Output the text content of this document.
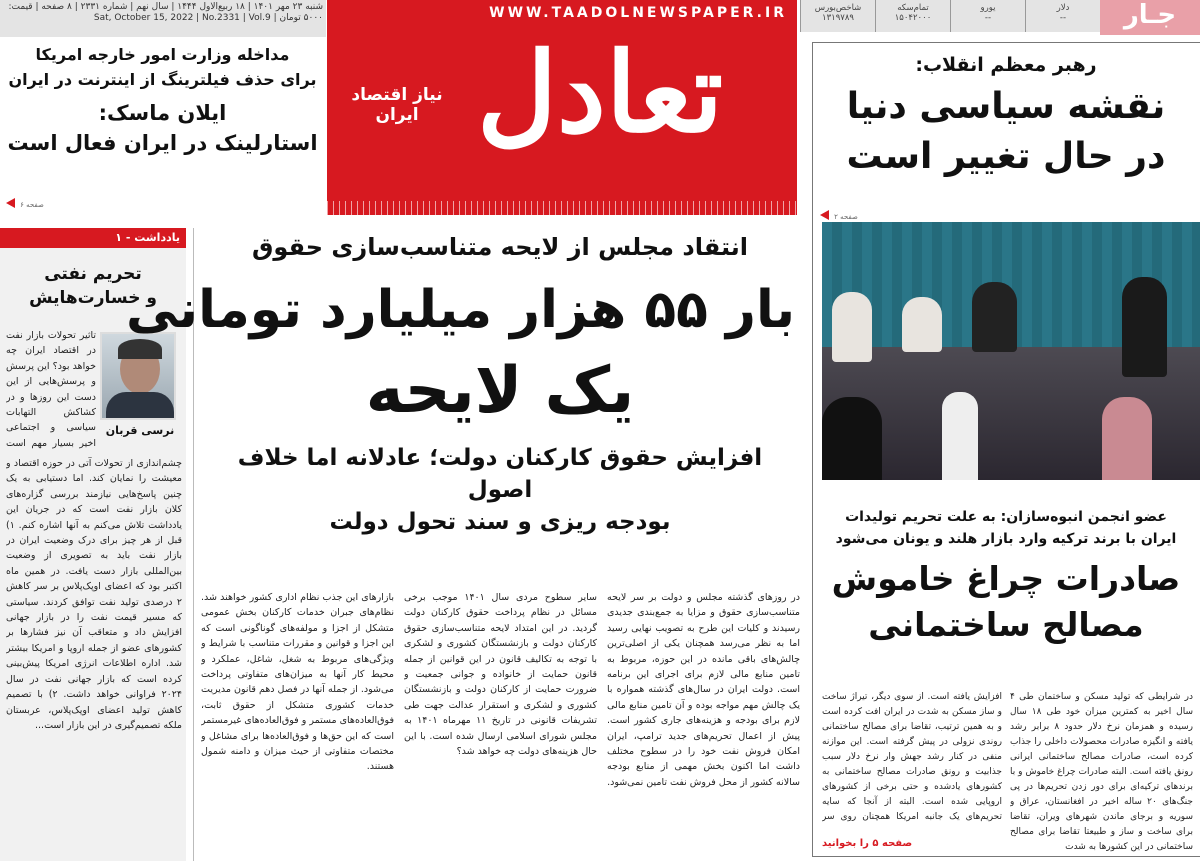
شنبه ۲۳ مهر ۱۴۰۱ | ۱۸ ربیع‌الاول ۱۴۴۴ | سال نهم | شماره ۲۳۳۱ | ۸ صفحه | قیمت: ۵۰۰۰ تومان | Sat, October 15, 2022 | No.2331 | Vol.9	WWW.TAADOLNEWSPAPER.IR
تعادل
نیاز اقتصاد ایران
مداخله وزارت امور خارجه امریکا
برای حذف فیلترینگ از اینترنت در ایران
ایلان ماسک:
استارلینک در ایران فعال است
صفحه ۶
دلار
--
یورو
--
تمام‌سکه
۱۵۰۴۲۰۰۰
شاخص‌بورس
۱۳۱۹۷۸۹	جـار
رهبر معظم انقلاب:
نقشه سیاسی دنیا
در حال تغییر است
صفحه ۲
عضو انجمن انبوه‌سازان: به علت تحریم تولیدات
ایران با برند ترکیه وارد بازار هلند و یونان می‌شود
صادرات چراغ خاموش
مصالح ساختمانی
در شرایطی که تولید مسکن و ساختمان طی ۴ سال اخیر به کمترین میزان خود طی ۱۸ سال رسیده و همزمان نرخ دلار حدود ۸ برابر رشد یافته و انگیزه صادرات محصولات داخلی را جذاب کرده است، صادرات مصالح ساختمانی ایرانی رونق یافته است. البته صادرات چراغ خاموش و با برندهای ترکیه‌ای برای دور زدن تحریم‌ها در پی جنگ‌های ۲۰ ساله اخیر در افغانستان، عراق و سوریه و برجای ماندن شهرهای ویران، تقاضا برای ساخت و ساز و طبیعتا تقاضا برای مصالح ساختمانی در این کشورها به شدت
افزایش یافته است. از سوی دیگر، تیراژ ساخت و ساز مسکن به شدت در ایران افت کرده است و به همین ترتیب، تقاضا برای مصالح ساختمانی روندی نزولی در پیش گرفته است. این موازنه منفی در کنار رشد جهش وار نرخ دلار سبب جذابیت و رونق صادرات مصالح ساختمانی به کشورهای یادشده و حتی برخی از کشورهای اروپایی شده است. البته از آنجا که سایه تحریم‌های یک جانبه امریکا همچنان روی سر
صفحه ۵ را بخوانید
یادداشت - ۱
تحریم نفتی
و خسارت‌هایش
نرسی قربان
تاثیر تحولات بازار نفت در اقتصاد ایران چه خواهد بود؟ این پرسش و پرسش‌هایی از این دست این روزها و در کشاکش التهابات سیاسی و اجتماعی اخیر بسیار مهم است
چشم‌اندازی از تحولات آتی در حوزه اقتصاد و معیشت را نمایان کند. اما دستیابی به یک چنین پاسخ‌هایی نیازمند بررسی گزاره‌های کلان بازار نفت است که در جریان این یادداشت تلاش می‌کنم به آنها اشاره کنم. ۱) قبل از هر چیز برای درک وضعیت ایران در بازار نفت باید به تصویری از وضعیت بین‌المللی بازار دست یافت. در همین ماه اکتبر بود که اعضای اوپک‌پلاس بر سر کاهش ۲ درصدی تولید نفت توافق کردند. سیاستی که مسیر قیمت نفت را در بازار جهانی افزایش داد و متعاقب آن نیز فشارها بر کشورهای عضو از جمله اروپا و امریکا بیشتر شد. اداره اطلاعات انرژی امریکا پیش‌بینی کرده است که بازار جهانی نفت در سال ۲۰۲۴ فراوانی خواهد داشت. ۲) با تصمیم کاهش تولید اعضای اوپک‌پلاس، عربستان ملکه تصمیم‌گیری در این بازار است...
انتقاد مجلس از لایحه متناسب‌سازی حقوق
بار ۵۵ هزار میلیارد تومانی
یک لایحه
افزایش حقوق کارکنان دولت؛ عادلانه اما خلاف اصول
بودجه ریزی و سند تحول دولت
در روزهای گذشته مجلس و دولت بر سر لایحه متناسب‌سازی حقوق و مزایا به جمع‌بندی جدیدی رسیدند و کلیات این طرح به تصویب نهایی رسید اما به نظر می‌رسد همچنان یکی از اصلی‌ترین چالش‌های باقی مانده در این حوزه، مربوط به تامین منابع مالی لازم برای اجرای این برنامه است. دولت ایران در سال‌های گذشته همواره با یک چالش مهم مواجه بوده و آن تامین منابع مالی لازم برای بودجه و هزینه‌های جاری کشور است. پیش از اعمال تحریم‌های جدید ترامپ، ایران امکان فروش نفت خود را در سطوح مختلف داشت اما اکنون بخش مهمی از منابع بودجه سالانه کشور از محل فروش نفت تامین نمی‌شود.
سایر سطوح مردی سال ۱۴۰۱ موجب برخی مسائل در نظام پرداخت حقوق کارکنان دولت گردید. در این امتداد لایحه متناسب‌سازی حقوق کارکنان دولت و بازنشستگان کشوری و لشکری با توجه به تکالیف قانون در این قوانین از جمله قانون حمایت از خانواده و جوانی جمعیت و ضرورت حمایت از کارکنان دولت و بازنشستگان کشوری و لشکری و استقرار عدالت جهت طی تشریفات قانونی در تاریخ ۱۱ مهرماه ۱۴۰۱ به مجلس شورای اسلامی ارسال شده است. با این حال هزینه‌های دولت چه خواهد شد؟
بازارهای این جذب نظام اداری کشور خواهند شد. نظام‌های جبران خدمات کارکنان بخش عمومی متشکل از اجزا و مولفه‌های گوناگونی است که این اجزا و قوانین و مقررات متناسب با شرایط و ویژگی‌های مربوط به شغل، شاغل، عملکرد و محیط کار آنها به میزان‌های متفاوتی پرداخت می‌شود. از جمله آنها در فصل دهم قانون مدیریت خدمات کشوری متشکل از حقوق ثابت، فوق‌العاده‌های مستمر و فوق‌العاده‌های غیرمستمر است که این حق‌ها و فوق‌العاده‌ها برای مشاغل و مختصات متفاوتی از حیث میزان و دامنه شمول هستند.
